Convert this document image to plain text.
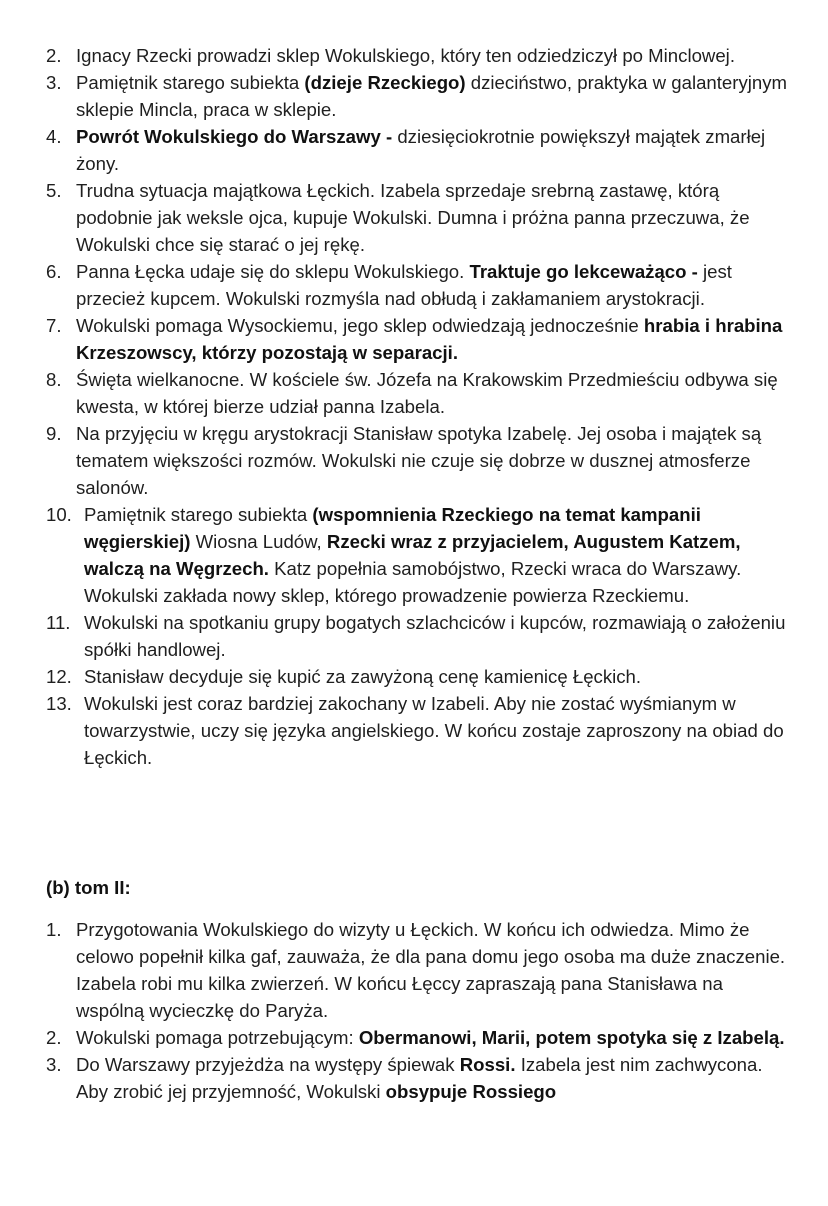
2. Ignacy Rzecki prowadzi sklep Wokulskiego, który ten odziedziczył po Minclowej.
3. Pamiętnik starego subiekta (dzieje Rzeckiego) dzieciństwo, praktyka w galanteryjnym sklepie Mincla, praca w sklepie.
4. Powrót Wokulskiego do Warszawy - dziesięciokrotnie powiększył majątek zmarłej żony.
5. Trudna sytuacja majątkowa Łęckich. Izabela sprzedaje srebrną zastawę, którą podobnie jak weksle ojca, kupuje Wokulski. Dumna i próżna panna przeczuwa, że Wokulski chce się starać o jej rękę.
6. Panna Łęcka udaje się do sklepu Wokulskiego. Traktuje go lekceważąco - jest przecież kupcem. Wokulski rozmyśla nad obłudą i zakłamaniem arystokracji.
7. Wokulski pomaga Wysockiemu, jego sklep odwiedzają jednocześnie hrabia i hrabina Krzeszowscy, którzy pozostają w separacji.
8. Święta wielkanocne. W kościele św. Józefa na Krakowskim Przedmieściu odbywa się kwesta, w której bierze udział panna Izabela.
9. Na przyjęciu w kręgu arystokracji Stanisław spotyka Izabelę. Jej osoba i majątek są tematem większości rozmów. Wokulski nie czuje się dobrze w dusznej atmosferze salonów.
10. Pamiętnik starego subiekta (wspomnienia Rzeckiego na temat kampanii węgierskiej) Wiosna Ludów, Rzecki wraz z przyjacielem, Augustem Katzem, walczą na Węgrzech. Katz popełnia samobójstwo, Rzecki wraca do Warszawy. Wokulski zakłada nowy sklep, którego prowadzenie powierza Rzeckiemu.
11. Wokulski na spotkaniu grupy bogatych szlachciców i kupców, rozmawiają o założeniu spółki handlowej.
12. Stanisław decyduje się kupić za zawyżoną cenę kamienicę Łęckich.
13. Wokulski jest coraz bardziej zakochany w Izabeli. Aby nie zostać wyśmianym w towarzystwie, uczy się języka angielskiego. W końcu zostaje zaproszony na obiad do Łęckich.
(b) tom II:
1. Przygotowania Wokulskiego do wizyty u Łęckich. W końcu ich odwiedza. Mimo że celowo popełnił kilka gaf, zauważa, że dla pana domu jego osoba ma duże znaczenie. Izabela robi mu kilka zwierzeń. W końcu Łęccy zapraszają pana Stanisława na wspólną wycieczkę do Paryża.
2. Wokulski pomaga potrzebującym: Obermanowi, Marii, potem spotyka się z Izabelą.
3. Do Warszawy przyjeżdża na występy śpiewak Rossi. Izabela jest nim zachwycona. Aby zrobić jej przyjemność, Wokulski obsypuje Rossiego
